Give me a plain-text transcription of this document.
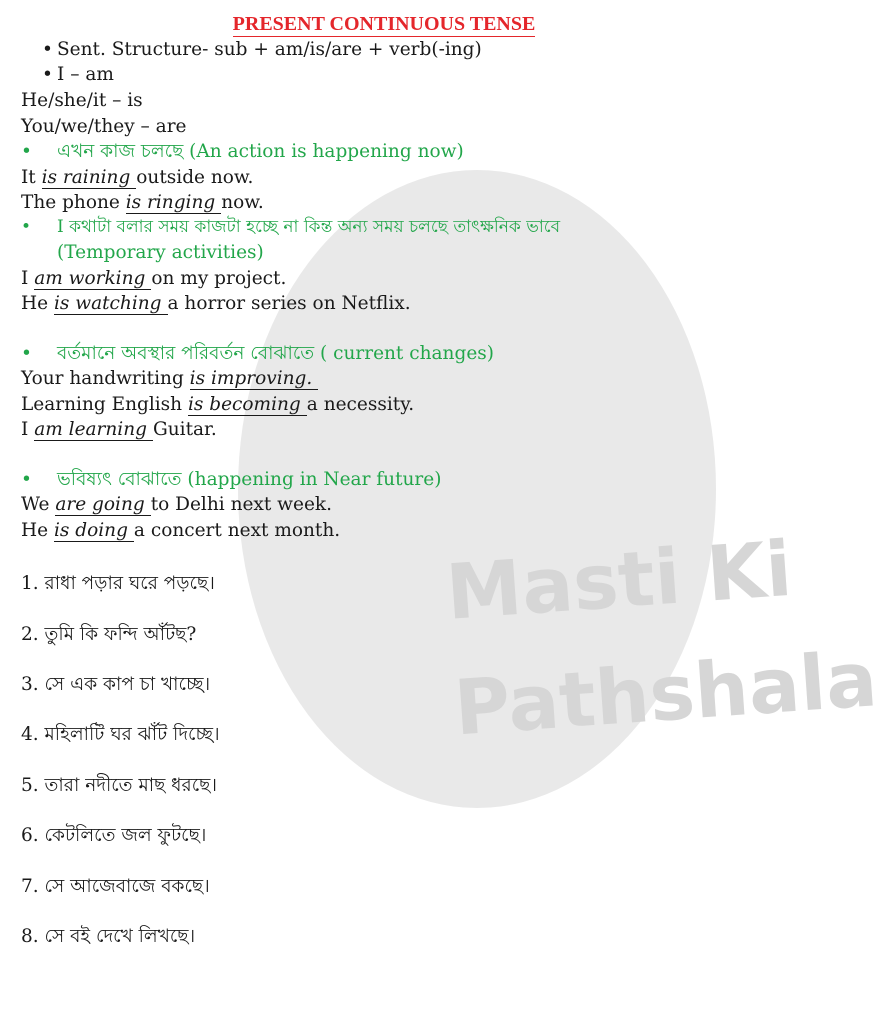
Masti Ki
Pathshala
PRESENT CONTINUOUS TENSE
• Sent. Structure- sub + am/is/are + verb(-ing)
• I – am
He/she/it – is
You/we/they – are
• এখন কাজ চলছে (An action is happening now)
It is raining outside now.
The phone is ringing now.
• I কথাটা বলার সময় কাজটা হচ্ছে না কিন্ত অন্য সময় চলছে তাৎক্ষনিক ভাবে
(Temporary activities)
I am working on my project.
He is watching a horror series on Netflix.
• বর্তমানে অবস্থার পরিবর্তন বোঝাতে ( current changes)
Your handwriting is improving.
Learning English is becoming a necessity.
I am learning Guitar.
• ভবিষ্যৎ বোঝাতে (happening in Near future)
We are going to Delhi next week.
He is doing a concert next month.
1. রাধা পড়ার ঘরে পড়ছে।
2. তুমি কি ফন্দি আঁটছ?
3. সে এক কাপ চা খাচ্ছে।
4. মহিলাটি ঘর ঝাঁট দিচ্ছে।
5. তারা নদীতে মাছ ধরছে।
6. কেটলিতে জল ফুটছে।
7. সে আজেবাজে বকছে।
8. সে বই দেখে লিখছে।
